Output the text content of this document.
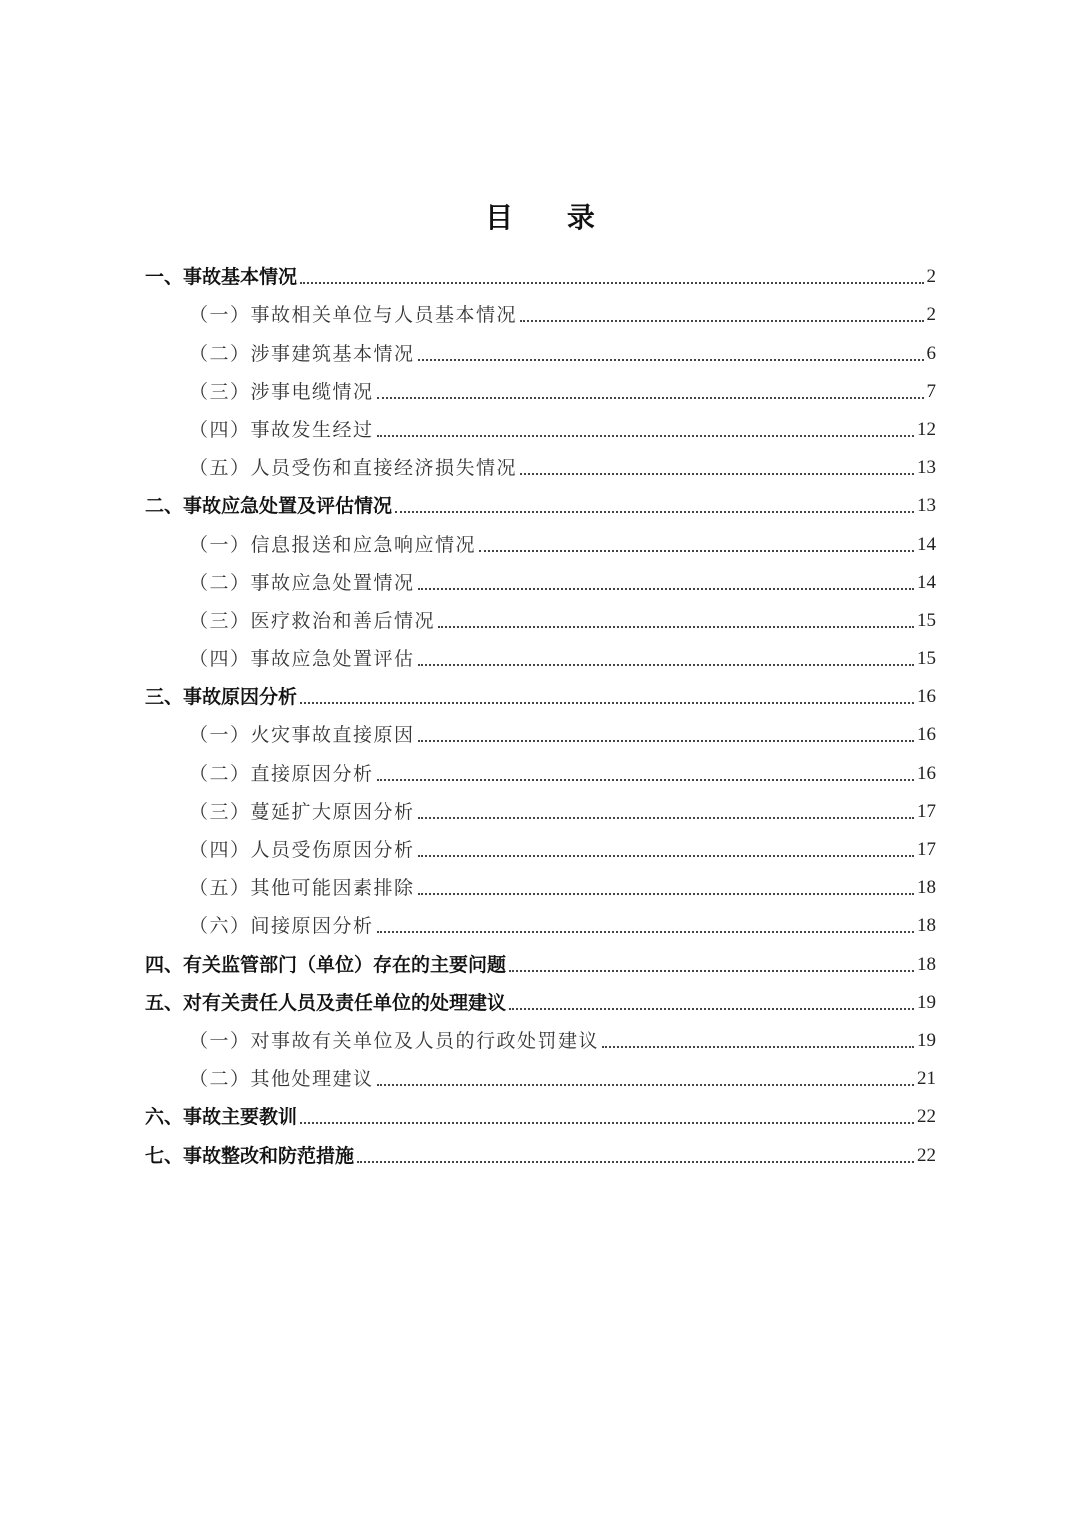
目 录
一、事故基本情况	2
（一）事故相关单位与人员基本情况	2
（二）涉事建筑基本情况	6
（三）涉事电缆情况	7
（四）事故发生经过	12
（五）人员受伤和直接经济损失情况	13
二、事故应急处置及评估情况	13
（一）信息报送和应急响应情况	14
（二）事故应急处置情况	14
（三）医疗救治和善后情况	15
（四）事故应急处置评估	15
三、事故原因分析	16
（一）火灾事故直接原因	16
（二）直接原因分析	16
（三）蔓延扩大原因分析	17
（四）人员受伤原因分析	17
（五）其他可能因素排除	18
（六）间接原因分析	18
四、有关监管部门（单位）存在的主要问题	18
五、对有关责任人员及责任单位的处理建议	19
（一）对事故有关单位及人员的行政处罚建议	19
（二）其他处理建议	21
六、事故主要教训	22
七、事故整改和防范措施	22
